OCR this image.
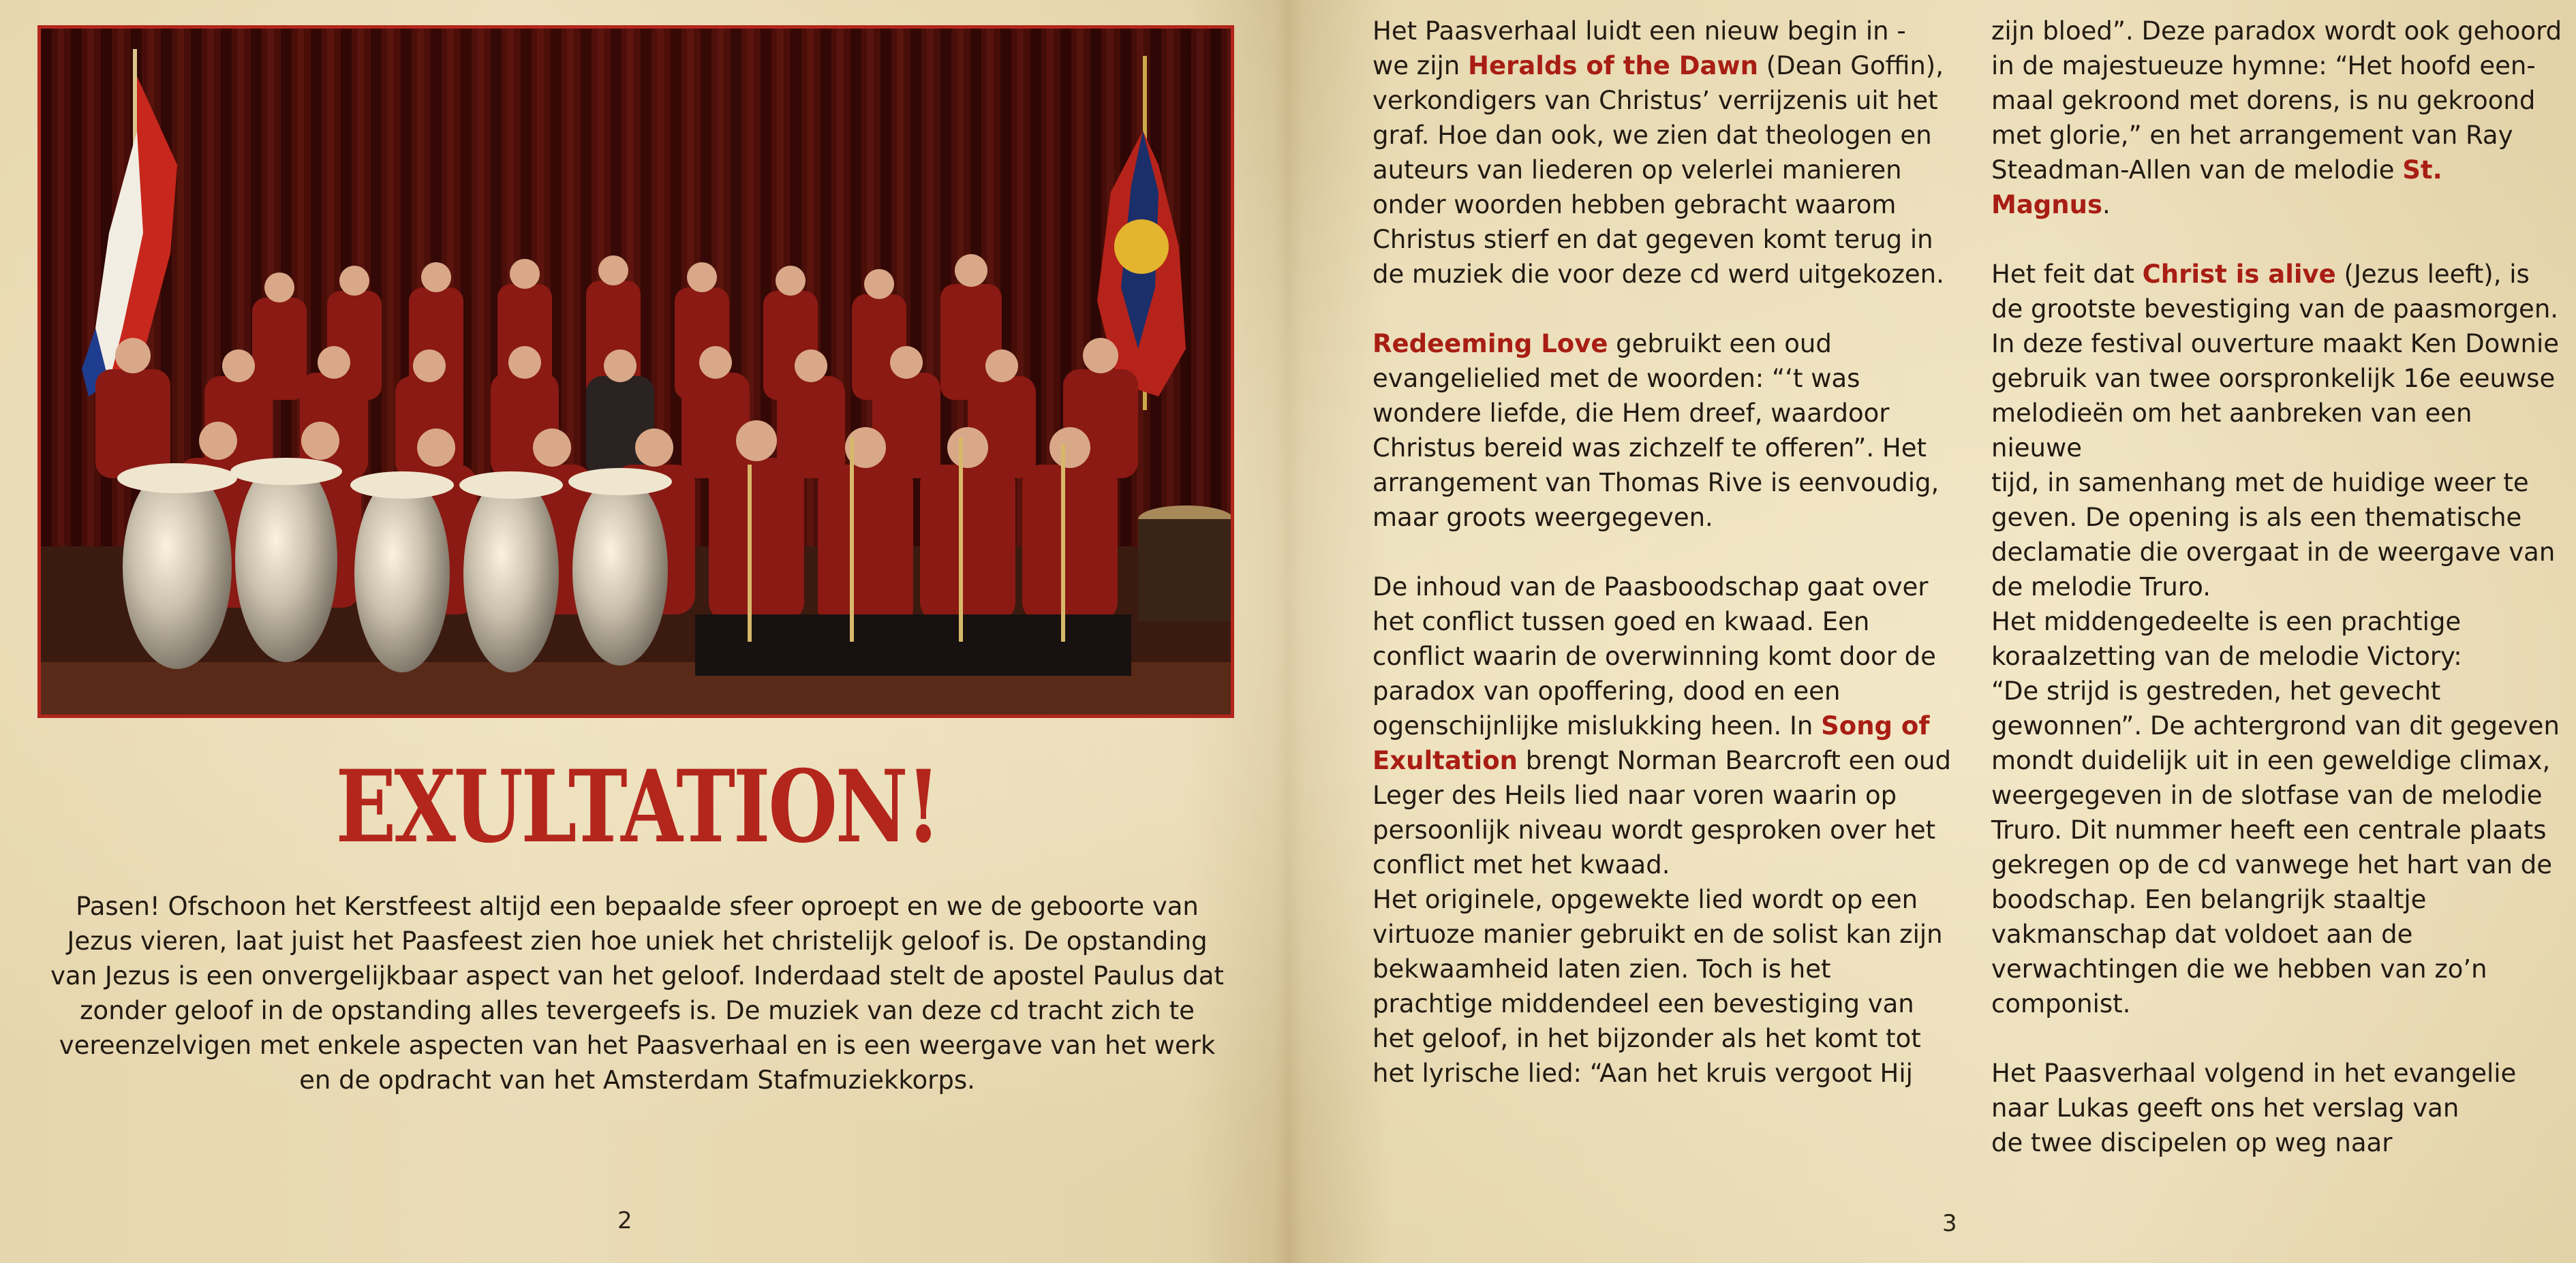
EXULTATION!

Pasen! Ofschoon het Kerstfeest altijd een bepaalde sfeer oproept en we de geboorte van Jezus vieren, laat juist het Paasfeest zien hoe uniek het christelijk geloof is. De opstanding van Jezus is een onvergelijkbaar aspect van het geloof. Inderdaad stelt de apostel Paulus dat zonder geloof in de opstanding alles tevergeefs is. De muziek van deze cd tracht zich te vereenzelvigen met enkele aspecten van het Paasverhaal en is een weergave van het werk en de opdracht van het Amsterdam Stafmuziekkorps.

2

Het Paasverhaal luidt een nieuw begin in -
we zijn Heralds of the Dawn (Dean Goffin),
verkondigers van Christus’ verrijzenis uit het
graf. Hoe dan ook, we zien dat theologen en
auteurs van liederen op velerlei manieren
onder woorden hebben gebracht waarom
Christus stierf en dat gegeven komt terug in
de muziek die voor deze cd werd uitgekozen.

Redeeming Love gebruikt een oud
evangelielied met de woorden: “‘t was
wondere liefde, die Hem dreef, waardoor
Christus bereid was zichzelf te offeren”. Het
arrangement van Thomas Rive is eenvoudig,
maar groots weergegeven.

De inhoud van de Paasboodschap gaat over
het conflict tussen goed en kwaad. Een
conflict waarin de overwinning komt door de
paradox van opoffering, dood en een
ogenschijnlijke mislukking heen. In Song of
Exultation brengt Norman Bearcroft een oud
Leger des Heils lied naar voren waarin op
persoonlijk niveau wordt gesproken over het
conflict met het kwaad.

Het originele, opgewekte lied wordt op een
virtuoze manier gebruikt en de solist kan zijn
bekwaamheid laten zien. Toch is het
prachtige middendeel een bevestiging van
het geloof, in het bijzonder als het komt tot
het lyrische lied: “Aan het kruis vergoot Hij

zijn bloed”. Deze paradox wordt ook gehoord
in de majestueuze hymne: “Het hoofd een-
maal gekroond met dorens, is nu gekroond
met glorie,” en het arrangement van Ray
Steadman-Allen van de melodie St. Magnus.

Het feit dat Christ is alive (Jezus leeft), is
de grootste bevestiging van de paasmorgen.
In deze festival ouverture maakt Ken Downie
gebruik van twee oorspronkelijk 16e eeuwse
melodieën om het aanbreken van een nieuwe
tijd, in samenhang met de huidige weer te
geven. De opening is als een thematische
declamatie die overgaat in de weergave van
de melodie Truro.

Het middengedeelte is een prachtige
koraalzetting van de melodie Victory:
“De strijd is gestreden, het gevecht
gewonnen”. De achtergrond van dit gegeven
mondt duidelijk uit in een geweldige climax,
weergegeven in de slotfase van de melodie
Truro. Dit nummer heeft een centrale plaats
gekregen op de cd vanwege het hart van de
boodschap. Een belangrijk staaltje
vakmanschap dat voldoet aan de
verwachtingen die we hebben van zo’n
componist.

Het Paasverhaal volgend in het evangelie
naar Lukas geeft ons het verslag van
de twee discipelen op weg naar

3
